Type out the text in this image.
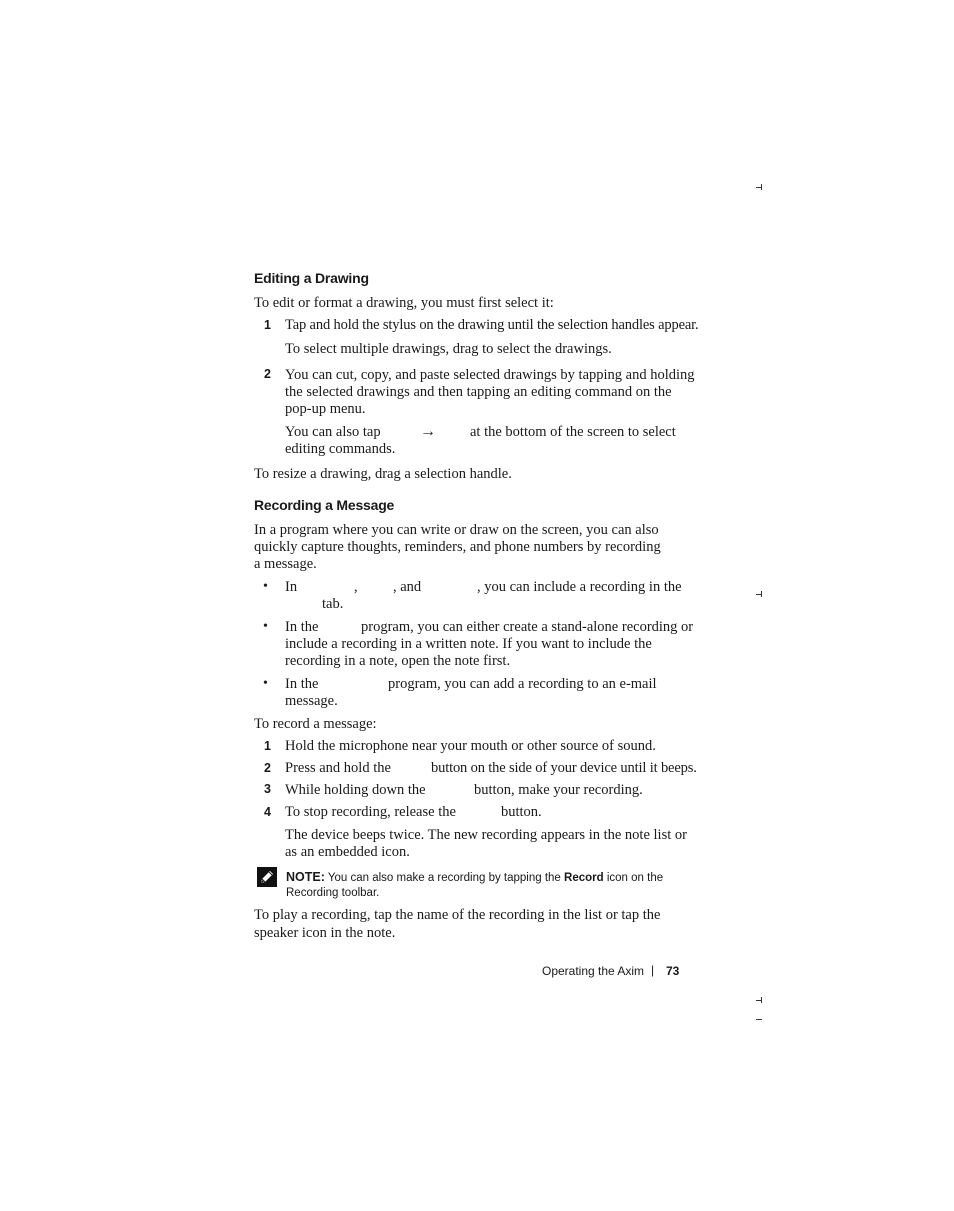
Editing a Drawing
To edit or format a drawing, you must first select it:
1 Tap and hold the stylus on the drawing until the selection handles appear.
To select multiple drawings, drag to select the drawings.
2 You can cut, copy, and paste selected drawings by tapping and holding
the selected drawings and then tapping an editing command on the
pop-up menu.
You can also tap → at the bottom of the screen to select
editing commands.
To resize a drawing, drag a selection handle.
Recording a Message
In a program where you can write or draw on the screen, you can also
quickly capture thoughts, reminders, and phone numbers by recording
a message.
• In	, , and	, you can include a recording in the
tab.
• In the	program, you can either create a stand-alone recording or
include a recording in a written note. If you want to include the
recording in a note, open the note first.
• In the	program, you can add a recording to an e-mail
message.
To record a message:
1 Hold the microphone near your mouth or other source of sound.
2 Press and hold the	button on the side of your device until it beeps.
3 While holding down the	button, make your recording.
4 To stop recording, release the	button.
The device beeps twice. The new recording appears in the note list or
as an embedded icon.
NOTE: You can also make a recording by tapping the Record icon on the
Recording toolbar.
To play a recording, tap the name of the recording in the list or tap the
speaker icon in the note.
Operating the Axim | 73
